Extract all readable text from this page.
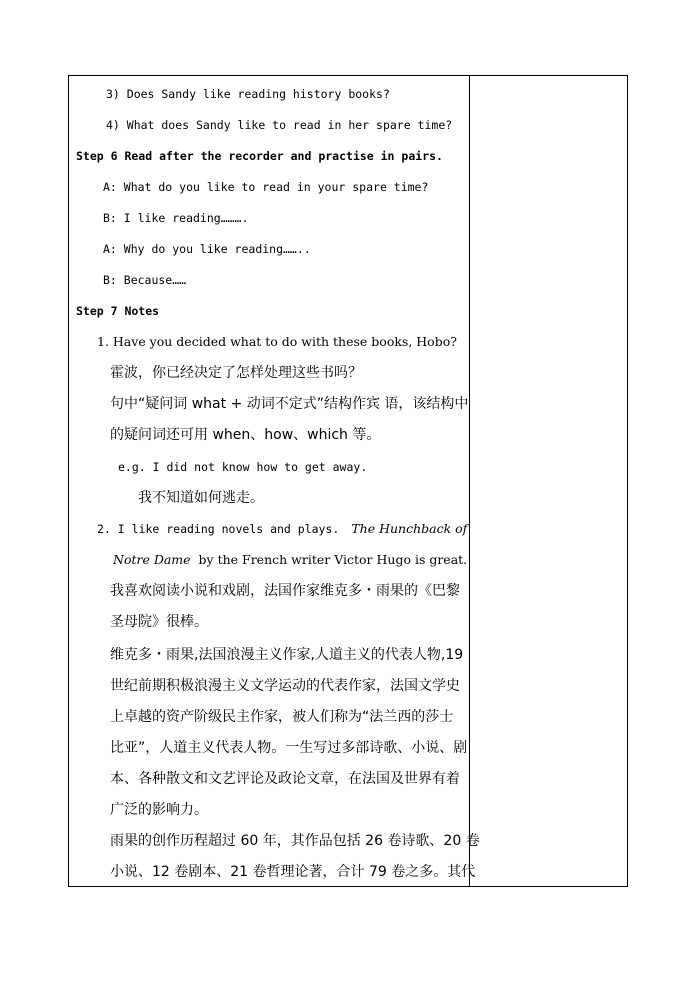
3) Does Sandy like reading history books?
4) What does Sandy like to read in her spare time?
Step 6 Read after the recorder and practise in pairs.
A: What do you like to read in your spare time?
B: I like reading……….
A: Why do you like reading……..
B: Because……
Step 7 Notes
1. Have you decided what to do with these books, Hobo?
霍波，你已经决定了怎样处理这些书吗？
句中“疑问词 what + 动词不定式”结构作宾 语，该结构中
的疑问词还可用 when、how、which 等。
e.g. I did not know how to get away.
我不知道如何逃走。
2. I like reading novels and plays. The Hunchback of
Notre Dame by the French writer Victor Hugo is great.
我喜欢阅读小说和戏剧，法国作家维克多・雨果的《巴黎
圣母院》很棒。
维克多・雨果,法国浪漫主义作家,人道主义的代表人物,19
世纪前期积极浪漫主义文学运动的代表作家，法国文学史
上卓越的资产阶级民主作家，被人们称为“法兰西的莎士
比亚”，人道主义代表人物。一生写过多部诗歌、小说、剧
本、各种散文和文艺评论及政论文章，在法国及世界有着
广泛的影响力。
雨果的创作历程超过 60 年，其作品包括 26 卷诗歌、20 卷
小说、12 卷剧本、21 卷哲理论著，合计 79 卷之多。其代
